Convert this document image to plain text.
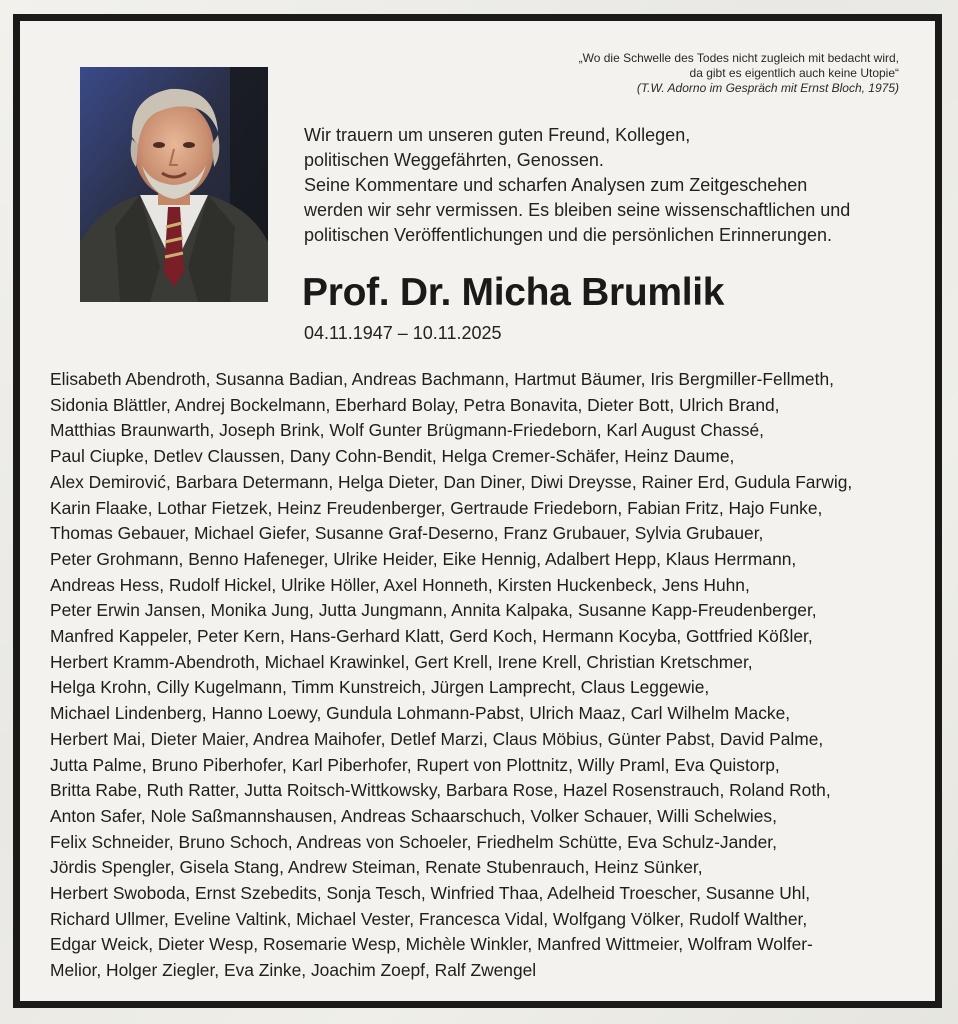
„Wo die Schwelle des Todes nicht zugleich mit bedacht wird,
da gibt es eigentlich auch keine Utopie“
(T.W. Adorno im Gespräch mit Ernst Bloch, 1975)
Wir trauern um unseren guten Freund, Kollegen,
politischen Weggefährten, Genossen.
Seine Kommentare und scharfen Analysen zum Zeitgeschehen
werden wir sehr vermissen. Es bleiben seine wissenschaftlichen und
politischen Veröffentlichungen und die persönlichen Erinnerungen.
Prof. Dr. Micha Brumlik
04.11.1947 – 10.11.2025
Elisabeth Abendroth, Susanna Badian, Andreas Bachmann, Hartmut Bäumer, Iris Bergmiller-Fellmeth,
Sidonia Blättler, Andrej Bockelmann, Eberhard Bolay, Petra Bonavita, Dieter Bott, Ulrich Brand,
Matthias Braunwarth, Joseph Brink, Wolf Gunter Brügmann-Friedeborn, Karl August Chassé,
Paul Ciupke, Detlev Claussen, Dany Cohn-Bendit, Helga Cremer-Schäfer, Heinz Daume,
Alex Demirović, Barbara Determann, Helga Dieter, Dan Diner, Diwi Dreysse, Rainer Erd, Gudula Farwig,
Karin Flaake, Lothar Fietzek, Heinz Freudenberger, Gertraude Friedeborn, Fabian Fritz, Hajo Funke,
Thomas Gebauer, Michael Giefer, Susanne Graf-Deserno, Franz Grubauer, Sylvia Grubauer,
Peter Grohmann, Benno Hafeneger, Ulrike Heider, Eike Hennig, Adalbert Hepp, Klaus Herrmann,
Andreas Hess, Rudolf Hickel, Ulrike Höller, Axel Honneth, Kirsten Huckenbeck, Jens Huhn,
Peter Erwin Jansen, Monika Jung, Jutta Jungmann, Annita Kalpaka, Susanne Kapp-Freudenberger,
Manfred Kappeler, Peter Kern, Hans-Gerhard Klatt, Gerd Koch, Hermann Kocyba, Gottfried Kößler,
Herbert Kramm-Abendroth, Michael Krawinkel, Gert Krell, Irene Krell, Christian Kretschmer,
Helga Krohn, Cilly Kugelmann, Timm Kunstreich, Jürgen Lamprecht, Claus Leggewie,
Michael Lindenberg, Hanno Loewy, Gundula Lohmann-Pabst, Ulrich Maaz, Carl Wilhelm Macke,
Herbert Mai, Dieter Maier, Andrea Maihofer, Detlef Marzi, Claus Möbius, Günter Pabst, David Palme,
Jutta Palme, Bruno Piberhofer, Karl Piberhofer, Rupert von Plottnitz, Willy Praml, Eva Quistorp,
Britta Rabe, Ruth Ratter, Jutta Roitsch-Wittkowsky, Barbara Rose, Hazel Rosenstrauch, Roland Roth,
Anton Safer, Nole Saßmannshausen, Andreas Schaarschuch, Volker Schauer, Willi Schelwies,
Felix Schneider, Bruno Schoch, Andreas von Schoeler, Friedhelm Schütte, Eva Schulz-Jander,
Jördis Spengler, Gisela Stang, Andrew Steiman, Renate Stubenrauch, Heinz Sünker,
Herbert Swoboda, Ernst Szebedits, Sonja Tesch, Winfried Thaa, Adelheid Troescher, Susanne Uhl,
Richard Ullmer, Eveline Valtink, Michael Vester, Francesca Vidal, Wolfgang Völker, Rudolf Walther,
Edgar Weick, Dieter Wesp, Rosemarie Wesp, Michèle Winkler, Manfred Wittmeier, Wolfram Wolfer-
Melior, Holger Ziegler, Eva Zinke, Joachim Zoepf, Ralf Zwengel
